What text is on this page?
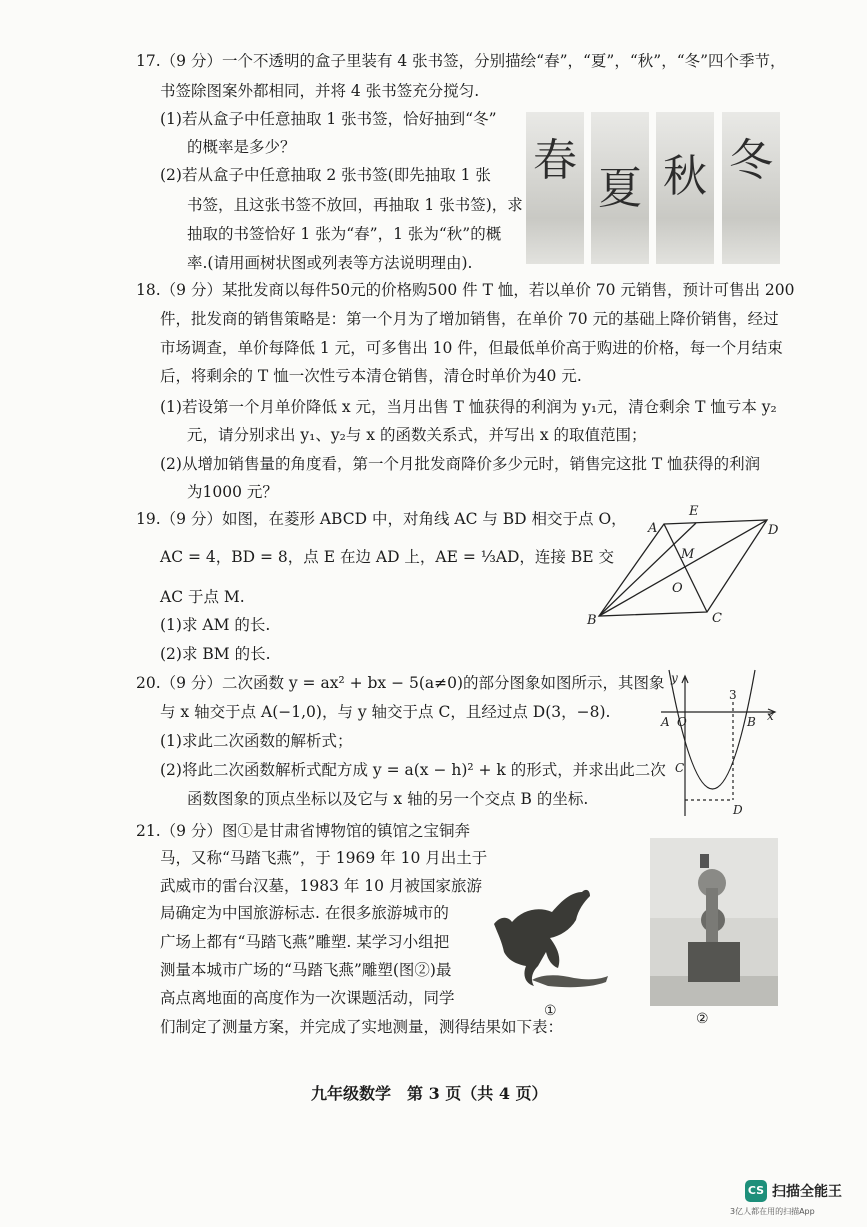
17.（9 分）一个不透明的盒子里装有 4 张书签，分别描绘“春”，“夏”，“秋”，“冬”四个季节，
书签除图案外都相同，并将 4 张书签充分搅匀.
(1)若从盒子中任意抽取 1 张书签，恰好抽到“冬”
的概率是多少？
(2)若从盒子中任意抽取 2 张书签(即先抽取 1 张
书签，且这张书签不放回，再抽取 1 张书签)，求
抽取的书签恰好 1 张为“春”，1 张为“秋”的概
率.(请用画树状图或列表等方法说明理由).
春
夏 秋 冬
18.（9 分）某批发商以每件50元的价格购500 件 T 恤，若以单价 70 元销售，预计可售出 200
件，批发商的销售策略是：第一个月为了增加销售，在单价 70 元的基础上降价销售，经过
市场调查，单价每降低 1 元，可多售出 10 件，但最低单价高于购进的价格，每一个月结束
后，将剩余的 T 恤一次性亏本清仓销售，清仓时单价为40 元.
(1)若设第一个月单价降低 x 元，当月出售 T 恤获得的利润为 y₁元，清仓剩余 T 恤亏本 y₂
元，请分别求出 y₁、y₂与 x 的函数关系式，并写出 x 的取值范围；
(2)从增加销售量的角度看，第一个月批发商降价多少元时，销售完这批 T 恤获得的利润
为1000 元？
19.（9 分）如图，在菱形 ABCD 中，对角线 AC 与 BD 相交于点 O，
AC = 4，BD = 8，点 E 在边 AD 上，AE = ⅓AD，连接 BE 交
AC 于点 M.
(1)求 AM 的长.
(2)求 BM 的长.
A
E
D
M
O
B	C
20.（9 分）二次函数 y = ax² + bx − 5(a≠0)的部分图象如图所示，其图象
与 x 轴交于点 A(−1,0)，与 y 轴交于点 C，且经过点 D(3，−8).
(1)求此二次函数的解析式；
(2)将此二次函数解析式配方成 y = a(x − h)² + k 的形式，并求出此二次
函数图象的顶点坐标以及它与 x 轴的另一个交点 B 的坐标.
y
x
A O	B
C
D
3
21.（9 分）图①是甘肃省博物馆的镇馆之宝铜奔
马，又称“马踏飞燕”，于 1969 年 10 月出土于
武威市的雷台汉墓，1983 年 10 月被国家旅游
局确定为中国旅游标志. 在很多旅游城市的
广场上都有“马踏飞燕”雕塑. 某学习小组把
测量本城市广场的“马踏飞燕”雕塑(图②)最
高点离地面的高度作为一次课题活动，同学
们制定了测量方案，并完成了实地测量，测得结果如下表：
①	②
九年级数学　第 3 页（共 4 页）
CS 扫描全能王
3亿人都在用的扫描App
